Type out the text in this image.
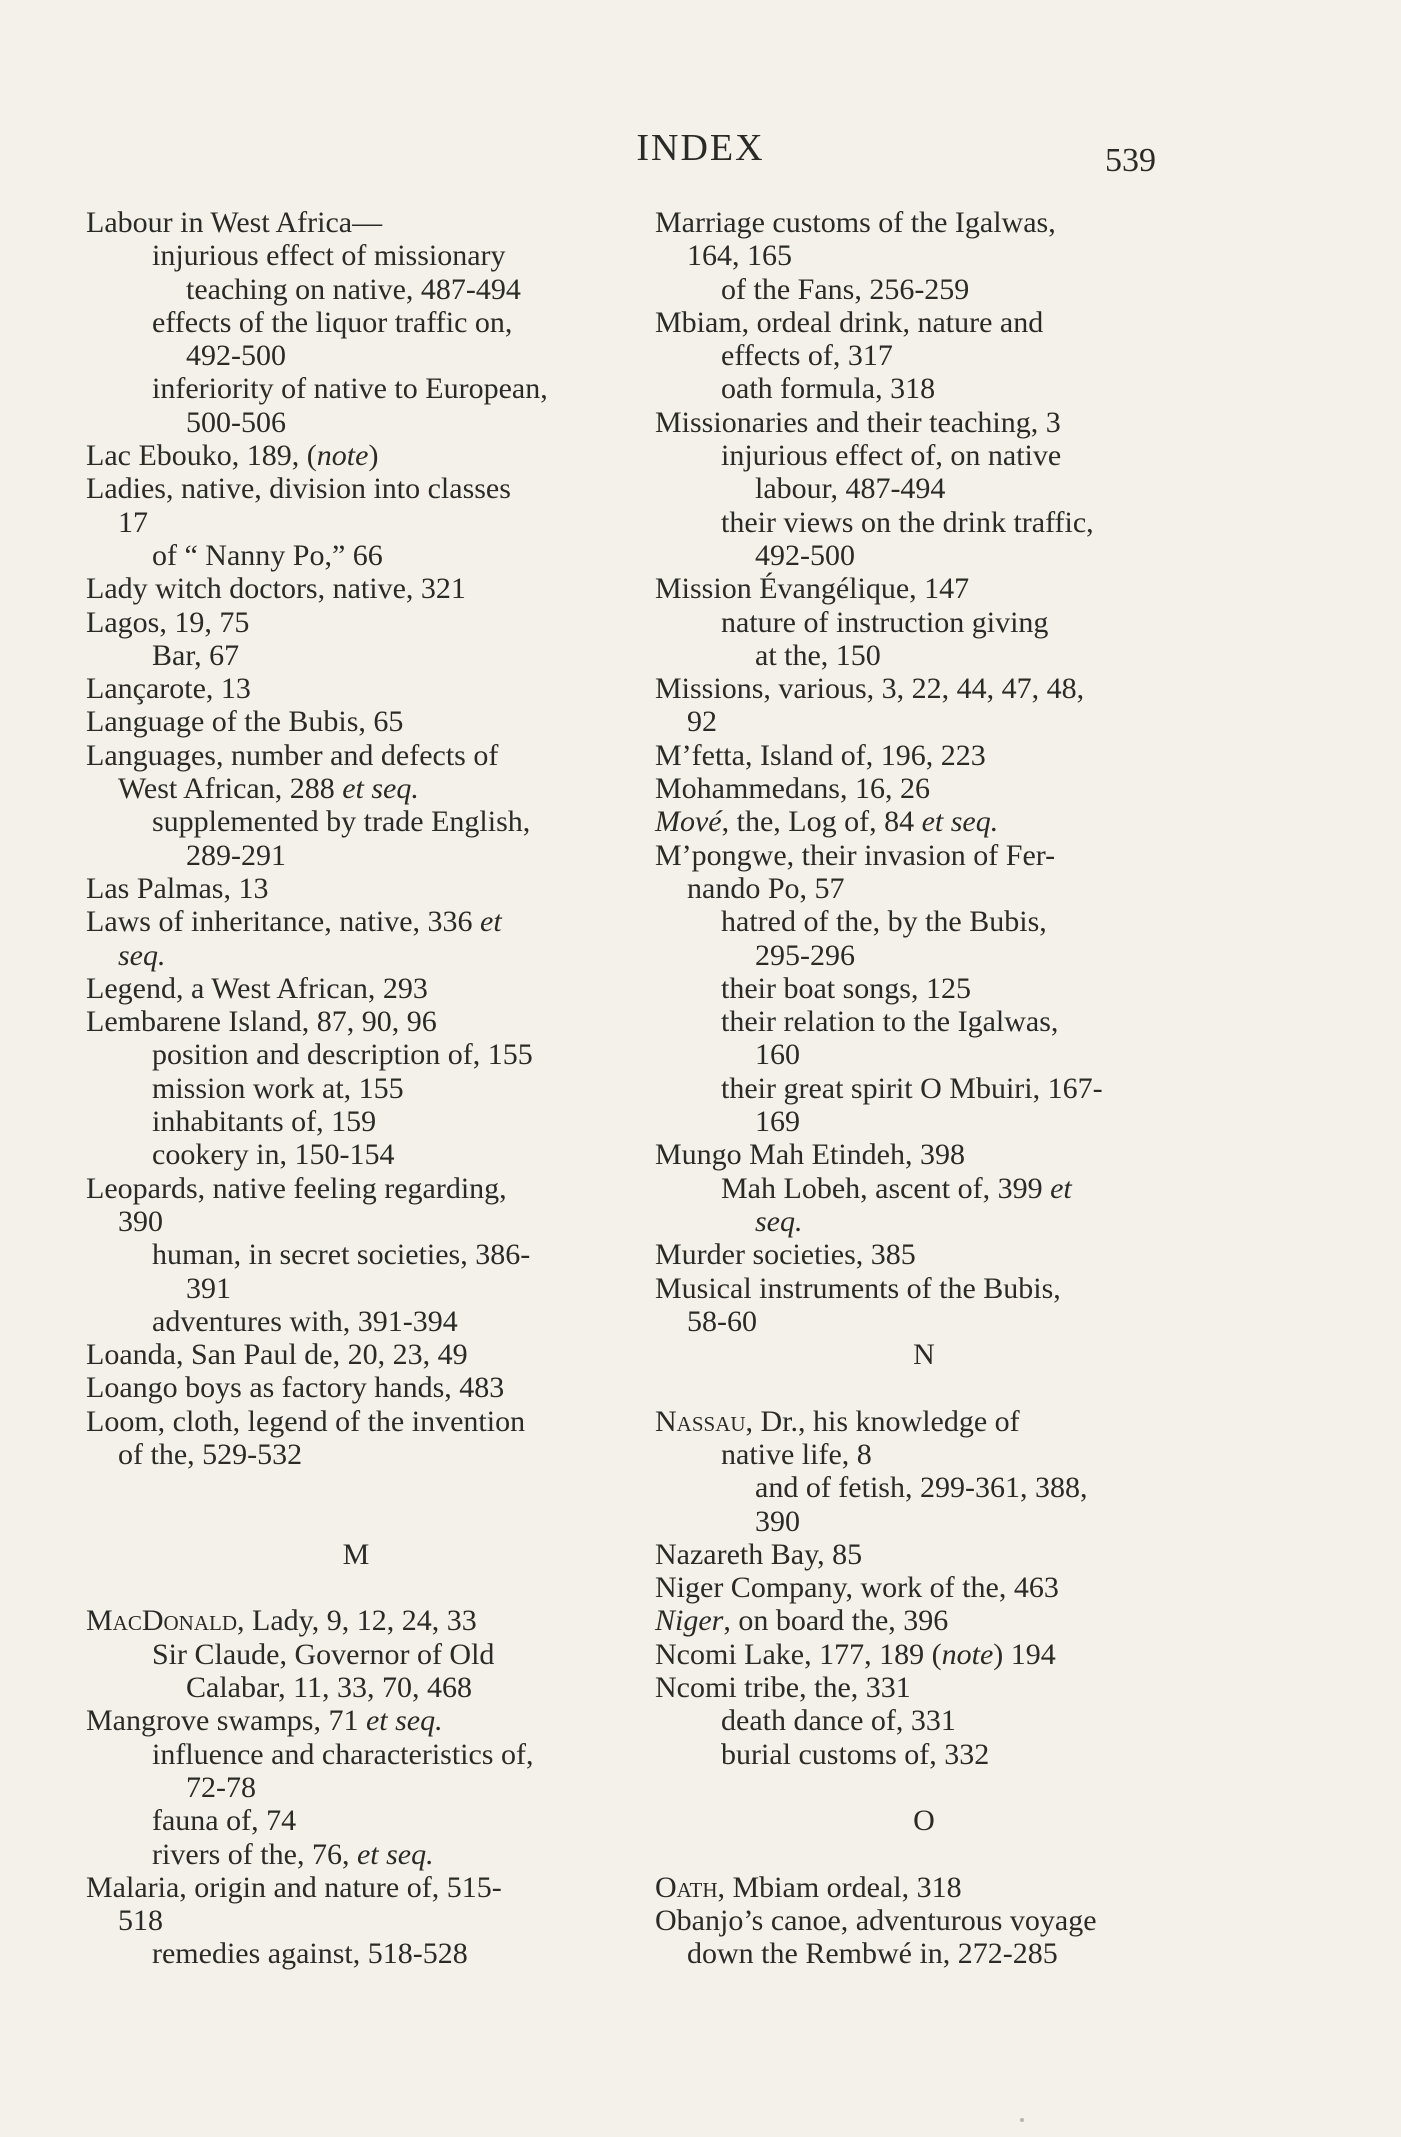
INDEX	539
Labour in West Africa—
injurious effect of missionary
teaching on native, 487-494
effects of the liquor traffic on,
492-500
inferiority of native to European,
500-506
Lac Ebouko, 189, (note)
Ladies, native, division into classes
17
of “ Nanny Po,” 66
Lady witch doctors, native, 321
Lagos, 19, 75
Bar, 67
Lançarote, 13
Language of the Bubis, 65
Languages, number and defects of
West African, 288 et seq.
supplemented by trade English,
289-291
Las Palmas, 13
Laws of inheritance, native, 336 et
seq.
Legend, a West African, 293
Lembarene Island, 87, 90, 96
position and description of, 155
mission work at, 155
inhabitants of, 159
cookery in, 150-154
Leopards, native feeling regarding,
390
human, in secret societies, 386-
391
adventures with, 391-394
Loanda, San Paul de, 20, 23, 49
Loango boys as factory hands, 483
Loom, cloth, legend of the invention
of the, 529-532
M
MacDonald, Lady, 9, 12, 24, 33
Sir Claude, Governor of Old
Calabar, 11, 33, 70, 468
Mangrove swamps, 71 et seq.
influence and characteristics of,
72-78
fauna of, 74
rivers of the, 76, et seq.
Malaria, origin and nature of, 515-
518
remedies against, 518-528
Marriage customs of the Igalwas,
164, 165
of the Fans, 256-259
Mbiam, ordeal drink, nature and
effects of, 317
oath formula, 318
Missionaries and their teaching, 3
injurious effect of, on native
labour, 487-494
their views on the drink traffic,
492-500
Mission Évangélique, 147
nature of instruction giving
at the, 150
Missions, various, 3, 22, 44, 47, 48,
92
M’fetta, Island of, 196, 223
Mohammedans, 16, 26
Mové, the, Log of, 84 et seq.
M’pongwe, their invasion of Fer-
nando Po, 57
hatred of the, by the Bubis,
295-296
their boat songs, 125
their relation to the Igalwas,
160
their great spirit O Mbuiri, 167-
169
Mungo Mah Etindeh, 398
Mah Lobeh, ascent of, 399 et
seq.
Murder societies, 385
Musical instruments of the Bubis,
58-60
N
Nassau, Dr., his knowledge of
native life, 8
and of fetish, 299-361, 388,
390
Nazareth Bay, 85
Niger Company, work of the, 463
Niger, on board the, 396
Ncomi Lake, 177, 189 (note) 194
Ncomi tribe, the, 331
death dance of, 331
burial customs of, 332
O
Oath, Mbiam ordeal, 318
Obanjo’s canoe, adventurous voyage
down the Rembwé in, 272-285
